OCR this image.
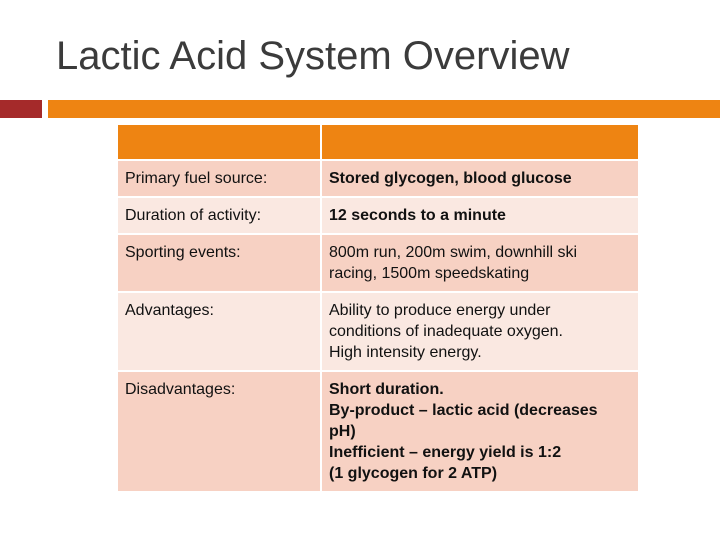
Lactic Acid System Overview

Primary fuel source:	Stored glycogen, blood glucose

Duration of activity:	12 seconds to a minute

Sporting events:	800m run, 200m swim, downhill ski
racing, 1500m speedskating

Advantages:	Ability to produce energy under
conditions of inadequate oxygen.
High intensity energy.

Disadvantages:	Short duration.
By-product – lactic acid (decreases
pH)
Inefficient – energy yield is 1:2
(1 glycogen for 2 ATP)
